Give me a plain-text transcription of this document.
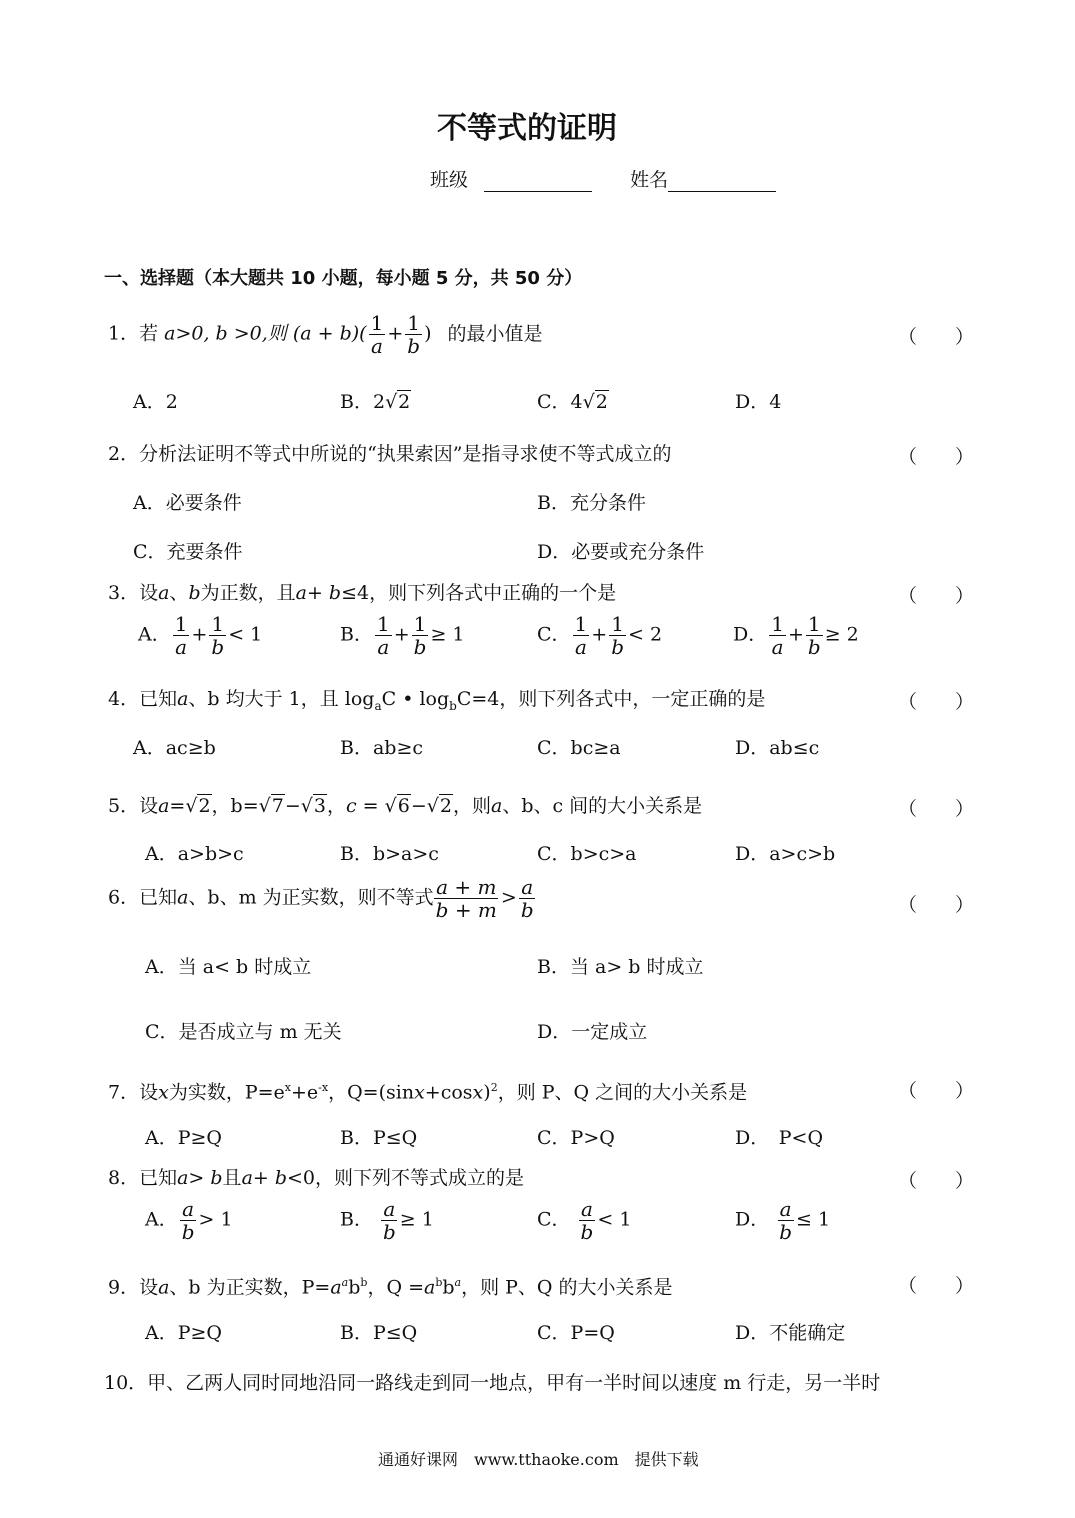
不等式的证明
班级	姓名
一、选择题（本大题共 10 小题，每小题 5 分，共 50 分）
1．若 a>0, b >0,则 $(a + b)( \frac{1}{a} + \frac{1}{b}$ ) 的最小值是	（　　）
A．2	B．2√2	C．4√2	D．4
2．分析法证明不等式中所说的“执果索因”是指寻求使不等式成立的	（　　）
A．必要条件	B．充分条件
C．充要条件	D．必要或充分条件
3．设a、b为正数，且a+ b≤4，则下列各式中正确的一个是	（　　）
A． $\frac{1}{a} + \frac{1}{b} < 1$	B． $\frac{1}{a} + \frac{1}{b} \ge 1$	C． $\frac{1}{a} + \frac{1}{b} < 2$	D． $\frac{1}{a} + \frac{1}{b} \ge 2$
4．已知a、b 均大于 1，且 $\log_aC$ • $\log_bC=4$，则下列各式中，一定正确的是	（　　）
A．ac≥b	B．ab≥c	C．bc≥a	D．ab≤c
5．设a=√2，b=√7−√3，c = √6−√2，则a、b、c 间的大小关系是	（　　）
A．a>b>c	B．b>a>c	C．b>c>a	D．a>c>b
6．已知a、b、m 为正实数，则不等式 $\frac{a + m}{b + m} > \frac{a}{b}$	（　　）
A．当 a< b 时成立	B．当 a> b 时成立
C．是否成立与 m 无关	D．一定成立
7．设x为实数，$P=e^x+e^{-x}$，$Q=(\sin x+\cos x)^2$，则 P、Q 之间的大小关系是	（　　）
A．P≥Q	B．P≤Q	C．P>Q	D．　P<Q
8．已知a> b且a+ b<0，则下列不等式成立的是	（　　）
A． $\frac{a}{b} > 1$	B． $\frac{a}{b} \ge 1$	C． $\frac{a}{b} < 1$	D． $\frac{a}{b} \le 1$
9．设a、b 为正实数，$P=a^ab^b$，$Q =a^bb^a$，则 P、Q 的大小关系是	（　　）
A．P≥Q	B．P≤Q	C．P=Q	D．不能确定
10．甲、乙两人同时同地沿同一路线走到同一地点，甲有一半时间以速度 m 行走，另一半时
通通好课网　www.tthaoke.com　提供下载
